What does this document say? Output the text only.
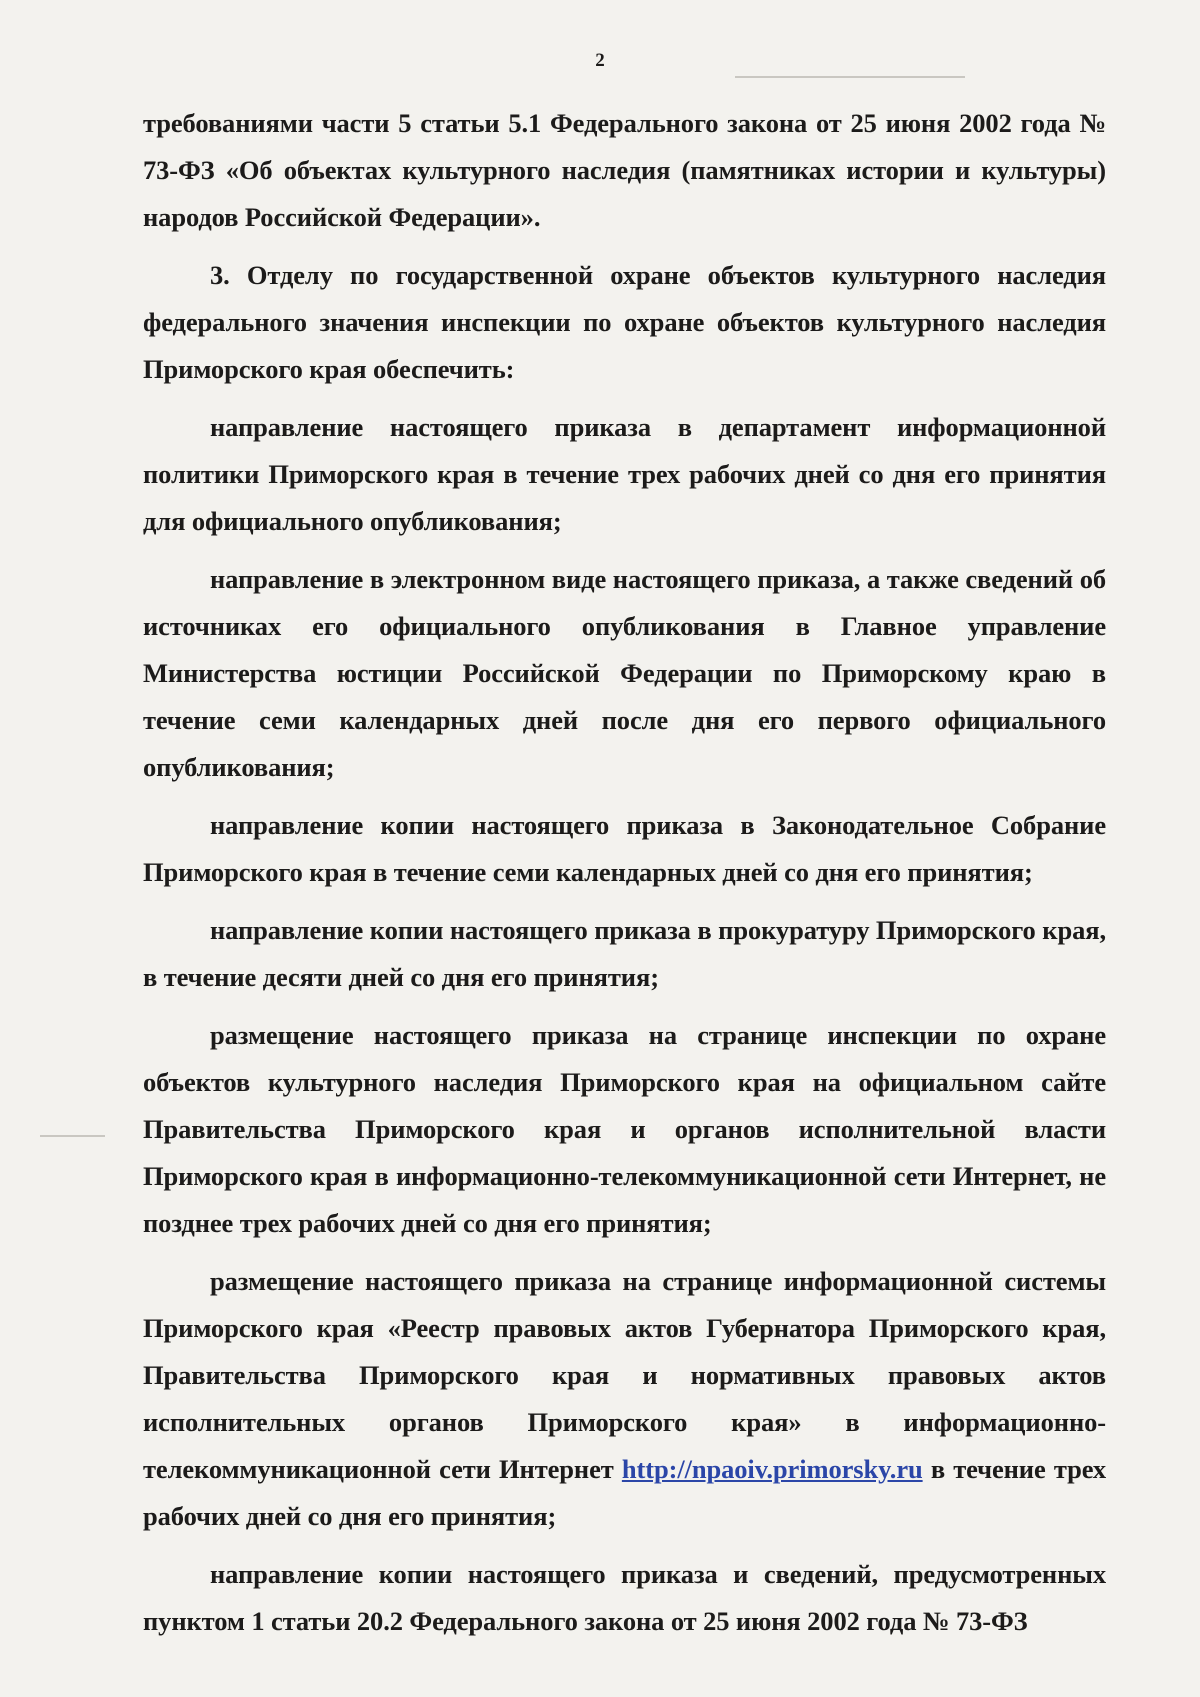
2

требованиями части 5 статьи 5.1 Федерального закона от 25 июня 2002 года № 73-ФЗ «Об объектах культурного наследия (памятниках истории и культуры) народов Российской Федерации».

3. Отделу по государственной охране объектов культурного наследия федерального значения инспекции по охране объектов культурного наследия Приморского края обеспечить:

направление настоящего приказа в департамент информационной политики Приморского края в течение трех рабочих дней со дня его принятия для официального опубликования;

направление в электронном виде настоящего приказа, а также сведений об источниках его официального опубликования в Главное управление Министерства юстиции Российской Федерации по Приморскому краю в течение семи календарных дней после дня его первого официального опубликования;

направление копии настоящего приказа в Законодательное Собрание Приморского края в течение семи календарных дней со дня его принятия;

направление копии настоящего приказа в прокуратуру Приморского края, в течение десяти дней со дня его принятия;

размещение настоящего приказа на странице инспекции по охране объектов культурного наследия Приморского края на официальном сайте Правительства Приморского края и органов исполнительной власти Приморского края в информационно-телекоммуникационной сети Интернет, не позднее трех рабочих дней со дня его принятия;

размещение настоящего приказа на странице информационной системы Приморского края «Реестр правовых актов Губернатора Приморского края, Правительства Приморского края и нормативных правовых актов исполнительных органов Приморского края» в информационно-телекоммуникационной сети Интернет http://npaoiv.primorsky.ru в течение трех рабочих дней со дня его принятия;

направление копии настоящего приказа и сведений, предусмотренных пунктом 1 статьи 20.2 Федерального закона от 25 июня 2002 года № 73-ФЗ
